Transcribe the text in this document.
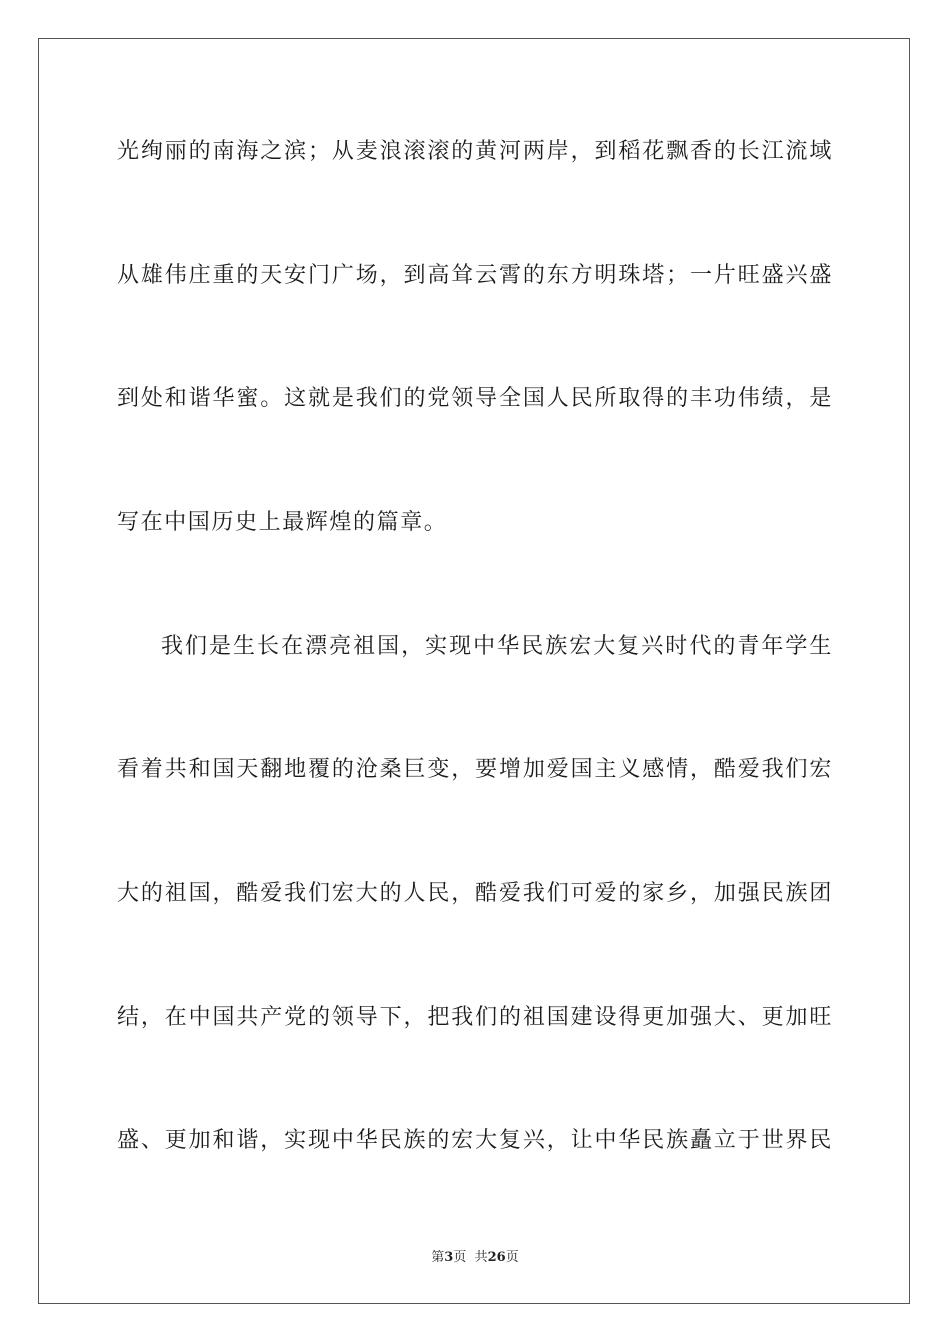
光绚丽的南海之滨；从麦浪滚滚的黄河两岸，到稻花飘香的长江流域
从雄伟庄重的天安门广场，到高耸云霄的东方明珠塔；一片旺盛兴盛
到处和谐华蜜。这就是我们的党领导全国人民所取得的丰功伟绩，是
写在中国历史上最辉煌的篇章。
我们是生长在漂亮祖国，实现中华民族宏大复兴时代的青年学生
看着共和国天翻地覆的沧桑巨变，要增加爱国主义感情，酷爱我们宏
大的祖国，酷爱我们宏大的人民，酷爱我们可爱的家乡，加强民族团
结，在中国共产党的领导下，把我们的祖国建设得更加强大、更加旺
盛、更加和谐，实现中华民族的宏大复兴，让中华民族矗立于世界民
第3页  共26页
